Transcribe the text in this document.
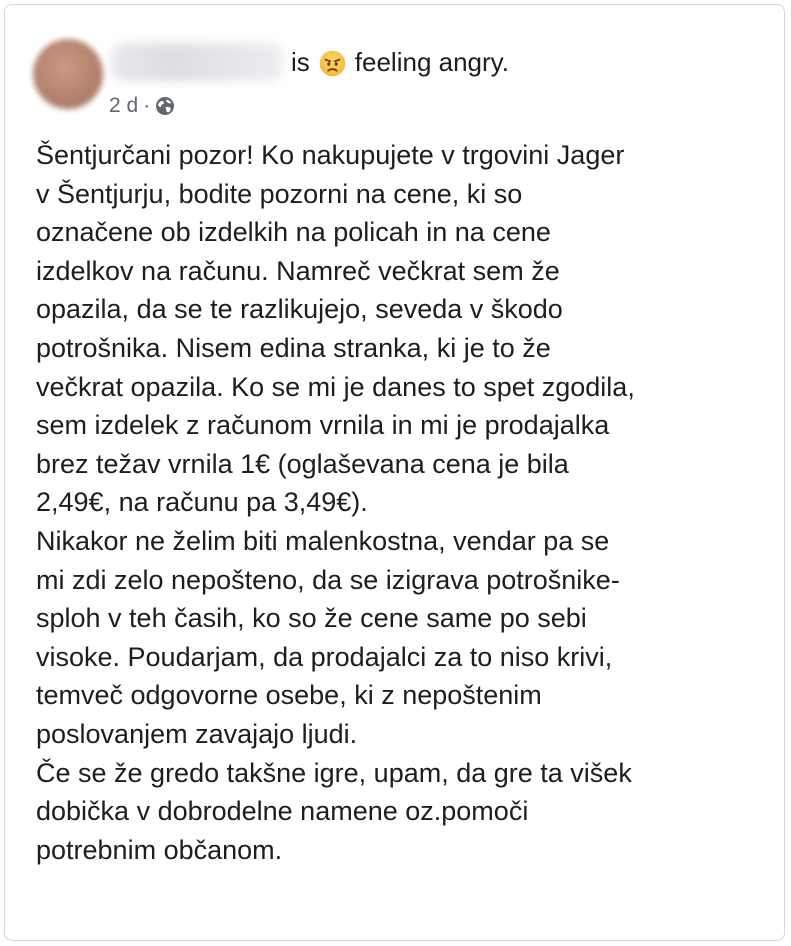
is feeling angry.
2 d ·

Šentjurčani pozor! Ko nakupujete v trgovini Jager

v Šentjurju, bodite pozorni na cene, ki so

označene ob izdelkih na policah in na cene

izdelkov na računu. Namreč večkrat sem že

opazila, da se te razlikujejo, seveda v škodo

potrošnika. Nisem edina stranka, ki je to že

večkrat opazila. Ko se mi je danes to spet zgodila,

sem izdelek z računom vrnila in mi je prodajalka

brez težav vrnila 1€ (oglaševana cena je bila

2,49€, na računu pa 3,49€).

Nikakor ne želim biti malenkostna, vendar pa se

mi zdi zelo nepošteno, da se izigrava potrošnike-

sploh v teh časih, ko so že cene same po sebi

visoke. Poudarjam, da prodajalci za to niso krivi,

temveč odgovorne osebe, ki z nepoštenim

poslovanjem zavajajo ljudi.

Če se že gredo takšne igre, upam, da gre ta višek

dobička v dobrodelne namene oz.pomoči

potrebnim občanom.
